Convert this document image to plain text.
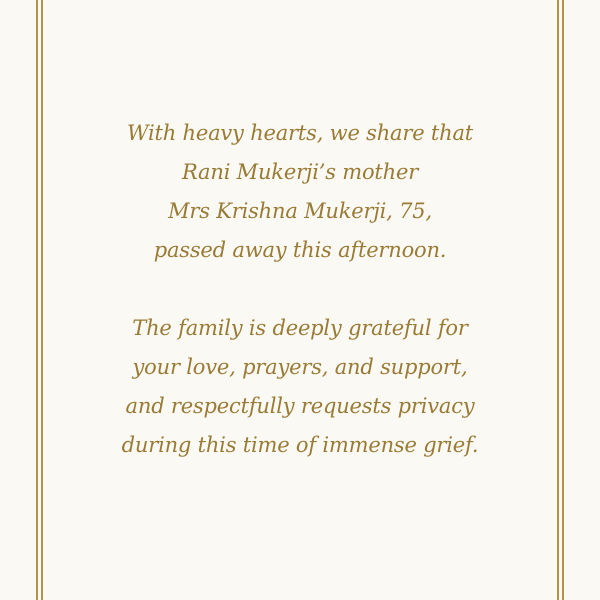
With heavy hearts, we share that
Rani Mukerji’s mother
Mrs Krishna Mukerji, 75,
passed away this afternoon.

The family is deeply grateful for
your love, prayers, and support,
and respectfully requests privacy
during this time of immense grief.
